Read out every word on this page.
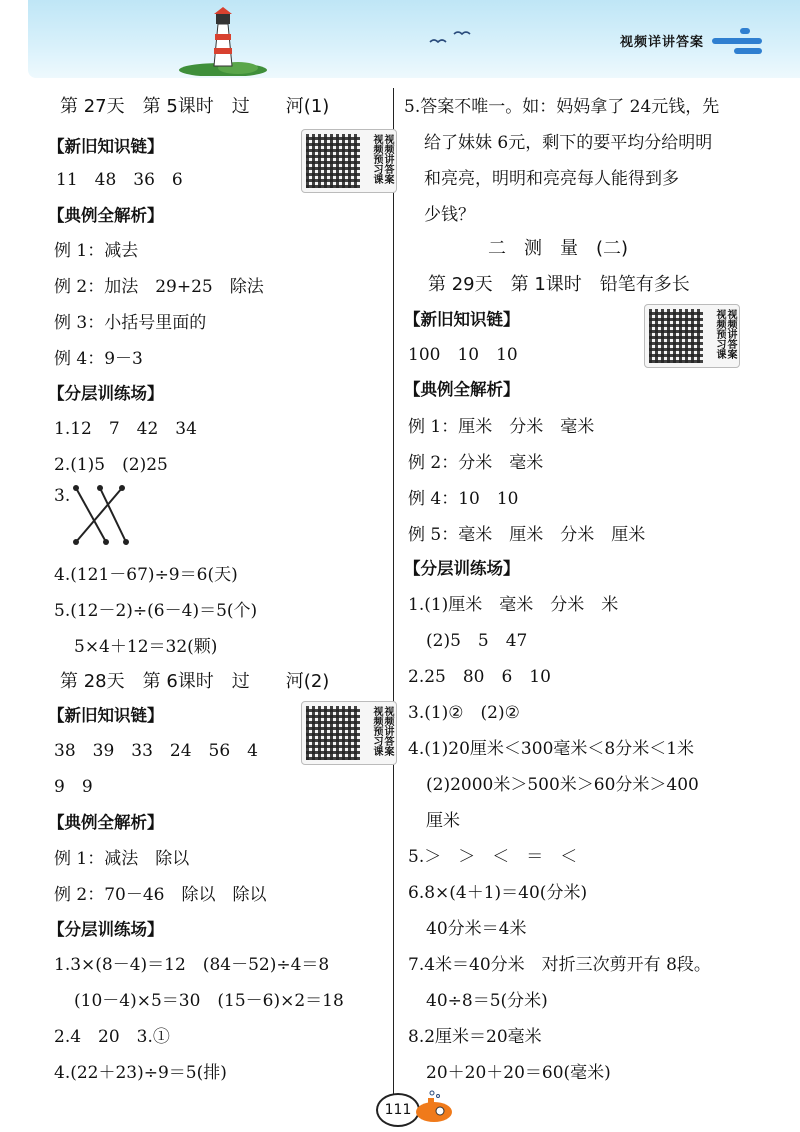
视频详讲答案
第 27天　第 5课时　过　　河(1)
【新旧知识链】	视频讲答案视频预习课
11　48　36　6
【典例全解析】
例 1：减去
例 2：加法　29+25　除法
例 3：小括号里面的
例 4：9－3
【分层训练场】
1.12　7　42　34
2.(1)5　(2)25
3.
4.(121－67)÷9＝6(天)
5.(12－2)÷(6－4)＝5(个)
5×4＋12＝32(颗)
第 28天　第 6课时　过　　河(2)
【新旧知识链】	视频讲答案视频预习课
38　39　33　24　56　4
9　9
【典例全解析】
例 1：减法　除以
例 2：70－46　除以　除以
【分层训练场】
1.3×(8－4)＝12　(84－52)÷4＝8
(10－4)×5＝30　(15－6)×2＝18
2.4　20　3.①
4.(22＋23)÷9＝5(排)
5.答案不唯一。如：妈妈拿了 24元钱，先
给了妹妹 6元，剩下的要平均分给明明
和亮亮，明明和亮亮每人能得到多
少钱？
二　测　量　(二)
第 29天　第 1课时　铅笔有多长
【新旧知识链】	视频讲答案视频预习课
100　10　10
【典例全解析】
例 1：厘米　分米　毫米
例 2：分米　毫米
例 4：10　10
例 5：毫米　厘米　分米　厘米
【分层训练场】
1.(1)厘米　毫米　分米　米
(2)5　5　47
2.25　80　6　10
3.(1)②　(2)②
4.(1)20厘米＜300毫米＜8分米＜1米
(2)2000米＞500米＞60分米＞400
厘米
5.＞　＞　＜　＝　＜
6.8×(4＋1)＝40(分米)
40分米＝4米
7.4米＝40分米　对折三次剪开有 8段。
40÷8＝5(分米)
8.2厘米＝20毫米
20＋20＋20＝60(毫米)
111
